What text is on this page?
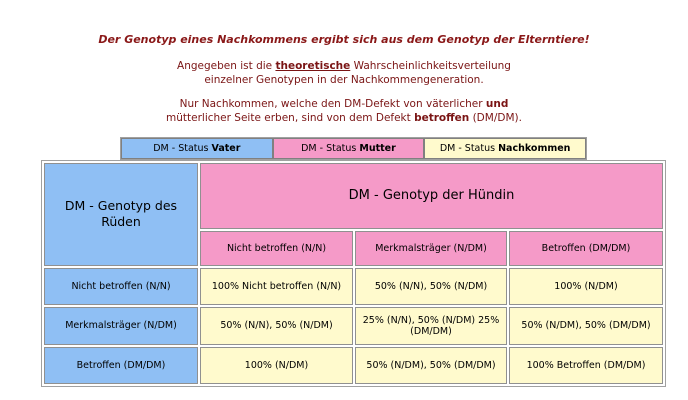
Der Genotyp eines Nachkommens ergibt sich aus dem Genotyp der Elterntiere!
Angegeben ist die theoretische Wahrscheinlichkeitsverteilung
einzelner Genotypen in der Nachkommengeneration.
Nur Nachkommen, welche den DM-Defekt von väterlicher und
mütterlicher Seite erben, sind von dem Defekt betroffen (DM/DM).
DM - Status Vater	DM - Status Mutter	DM - Status Nachkommen
DM - Genotyp des Rüden	DM - Genotyp der Hündin		
	Nicht betroffen (N/N)	Merkmalsträger (N/DM)	Betroffen (DM/DM)
Nicht betroffen (N/N)	100% Nicht betroffen (N/N)	50% (N/N), 50% (N/DM)	100% (N/DM)
Merkmalsträger (N/DM)	50% (N/N), 50% (N/DM)	25% (N/N), 50% (N/DM) 25% (DM/DM)	50% (N/DM), 50% (DM/DM)
Betroffen (DM/DM)	100% (N/DM)	50% (N/DM), 50% (DM/DM)	100% Betroffen (DM/DM)
